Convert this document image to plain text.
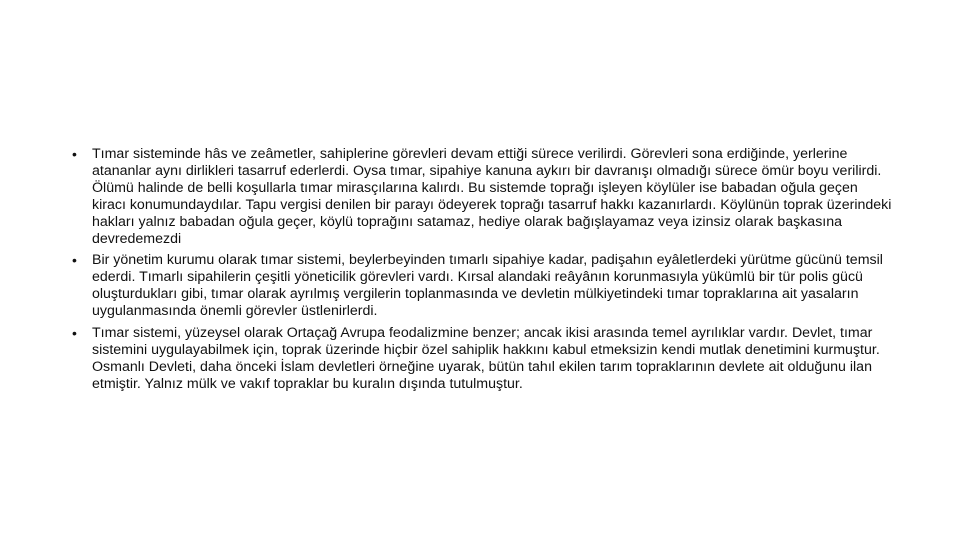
• Tımar sisteminde hâs ve zeâmetler, sahiplerine görevleri devam ettiği sürece verilirdi. Görevleri sona erdiğinde, yerlerine atananlar aynı dirlikleri tasarruf ederlerdi. Oysa tımar, sipahiye kanuna aykırı bir davranışı olmadığı sürece ömür boyu verilirdi. Ölümü halinde de belli koşullarla tımar mirasçılarına kalırdı. Bu sistemde toprağı işleyen köylüler ise babadan oğula geçen kiracı konumundaydılar. Tapu vergisi denilen bir parayı ödeyerek toprağı tasarruf hakkı kazanırlardı. Köylünün toprak üzerindeki hakları yalnız babadan oğula geçer, köylü toprağını satamaz, hediye olarak bağışlayamaz veya izinsiz olarak başkasına devredemezdi
• Bir yönetim kurumu olarak tımar sistemi, beylerbeyinden tımarlı sipahiye kadar, padişahın eyâletlerdeki yürütme gücünü temsil ederdi. Tımarlı sipahilerin çeşitli yöneticilik görevleri vardı. Kırsal alandaki reâyânın korunmasıyla yükümlü bir tür polis gücü oluşturdukları gibi, tımar olarak ayrılmış vergilerin toplanmasında ve devletin mülkiyetindeki tımar topraklarına ait yasaların uygulanmasında önemli görevler üstlenirlerdi.
• Tımar sistemi, yüzeysel olarak Ortaçağ Avrupa feodalizmine benzer; ancak ikisi arasında temel ayrılıklar vardır. Devlet, tımar sistemini uygulayabilmek için, toprak üzerinde hiçbir özel sahiplik hakkını kabul etmeksizin kendi mutlak denetimini kurmuştur. Osmanlı Devleti, daha önceki İslam devletleri örneğine uyarak, bütün tahıl ekilen tarım topraklarının devlete ait olduğunu ilan etmiştir. Yalnız mülk ve vakıf topraklar bu kuralın dışında tutulmuştur.
